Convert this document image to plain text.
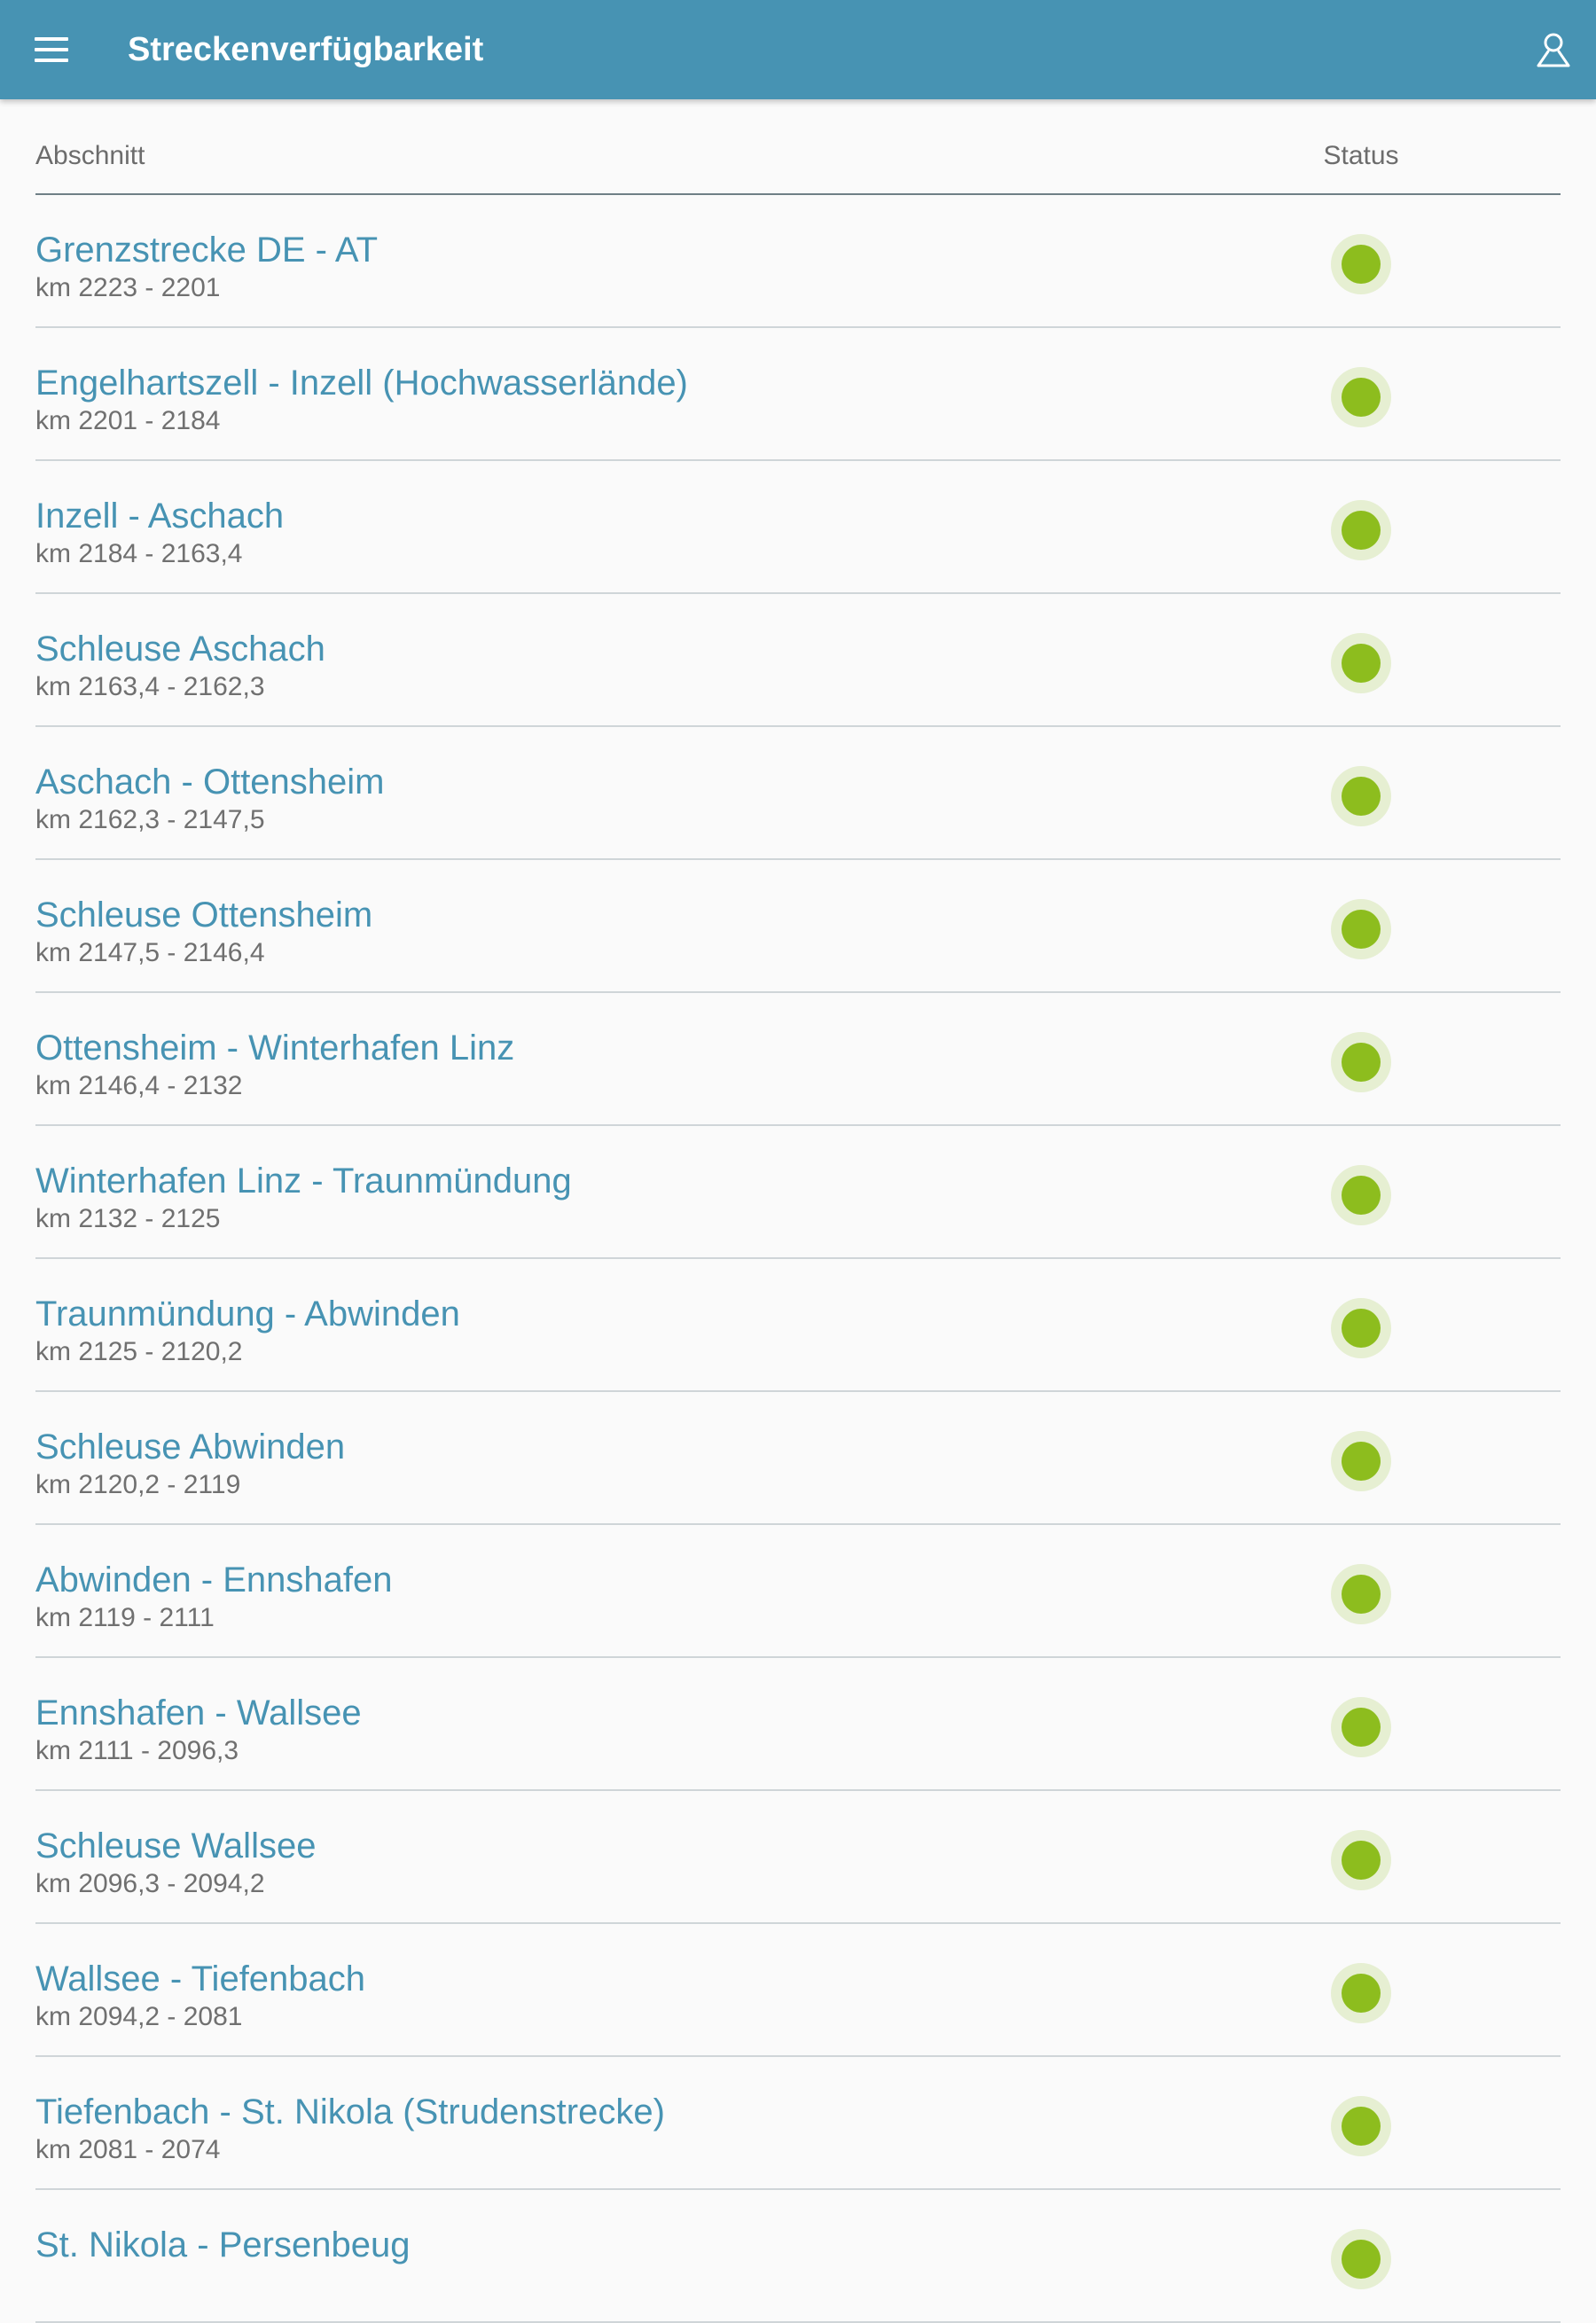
Streckenverfügbarkeit
Abschnitt	Status
Grenzstrecke DE - AT
km 2223 - 2201
Engelhartszell - Inzell (Hochwasserlände)
km 2201 - 2184
Inzell - Aschach
km 2184 - 2163,4
Schleuse Aschach
km 2163,4 - 2162,3
Aschach - Ottensheim
km 2162,3 - 2147,5
Schleuse Ottensheim
km 2147,5 - 2146,4
Ottensheim - Winterhafen Linz
km 2146,4 - 2132
Winterhafen Linz - Traunmündung
km 2132 - 2125
Traunmündung - Abwinden
km 2125 - 2120,2
Schleuse Abwinden
km 2120,2 - 2119
Abwinden - Ennshafen
km 2119 - 2111
Ennshafen - Wallsee
km 2111 - 2096,3
Schleuse Wallsee
km 2096,3 - 2094,2
Wallsee - Tiefenbach
km 2094,2 - 2081
Tiefenbach - St. Nikola (Strudenstrecke)
km 2081 - 2074
St. Nikola - Persenbeug
